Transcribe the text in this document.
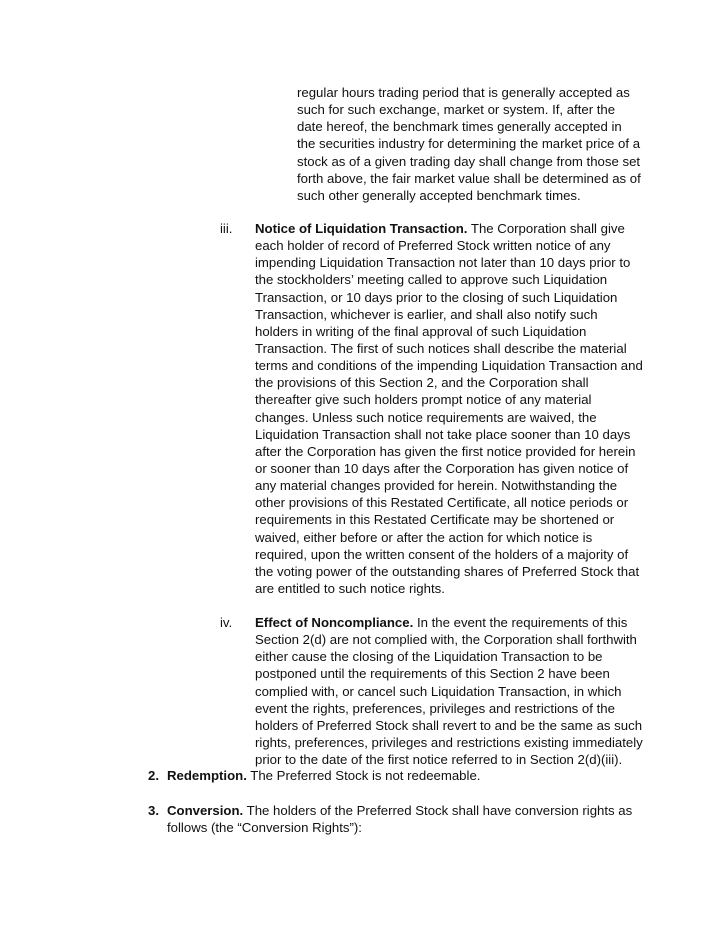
regular hours trading period that is generally accepted as
such for such exchange, market or system. If, after the
date hereof, the benchmark times generally accepted in
the securities industry for determining the market price of a
stock as of a given trading day shall change from those set
forth above, the fair market value shall be determined as of
such other generally accepted benchmark times.
iii. Notice of Liquidation Transaction. The Corporation shall give
each holder of record of Preferred Stock written notice of any
impending Liquidation Transaction not later than 10 days prior to
the stockholders’ meeting called to approve such Liquidation
Transaction, or 10 days prior to the closing of such Liquidation
Transaction, whichever is earlier, and shall also notify such
holders in writing of the final approval of such Liquidation
Transaction. The first of such notices shall describe the material
terms and conditions of the impending Liquidation Transaction and
the provisions of this Section 2, and the Corporation shall
thereafter give such holders prompt notice of any material
changes. Unless such notice requirements are waived, the
Liquidation Transaction shall not take place sooner than 10 days
after the Corporation has given the first notice provided for herein
or sooner than 10 days after the Corporation has given notice of
any material changes provided for herein. Notwithstanding the
other provisions of this Restated Certificate, all notice periods or
requirements in this Restated Certificate may be shortened or
waived, either before or after the action for which notice is
required, upon the written consent of the holders of a majority of
the voting power of the outstanding shares of Preferred Stock that
are entitled to such notice rights.
iv. Effect of Noncompliance. In the event the requirements of this
Section 2(d) are not complied with, the Corporation shall forthwith
either cause the closing of the Liquidation Transaction to be
postponed until the requirements of this Section 2 have been
complied with, or cancel such Liquidation Transaction, in which
event the rights, preferences, privileges and restrictions of the
holders of Preferred Stock shall revert to and be the same as such
rights, preferences, privileges and restrictions existing immediately
prior to the date of the first notice referred to in Section 2(d)(iii).
2. Redemption. The Preferred Stock is not redeemable.
3. Conversion. The holders of the Preferred Stock shall have conversion rights as
follows (the “Conversion Rights”):
